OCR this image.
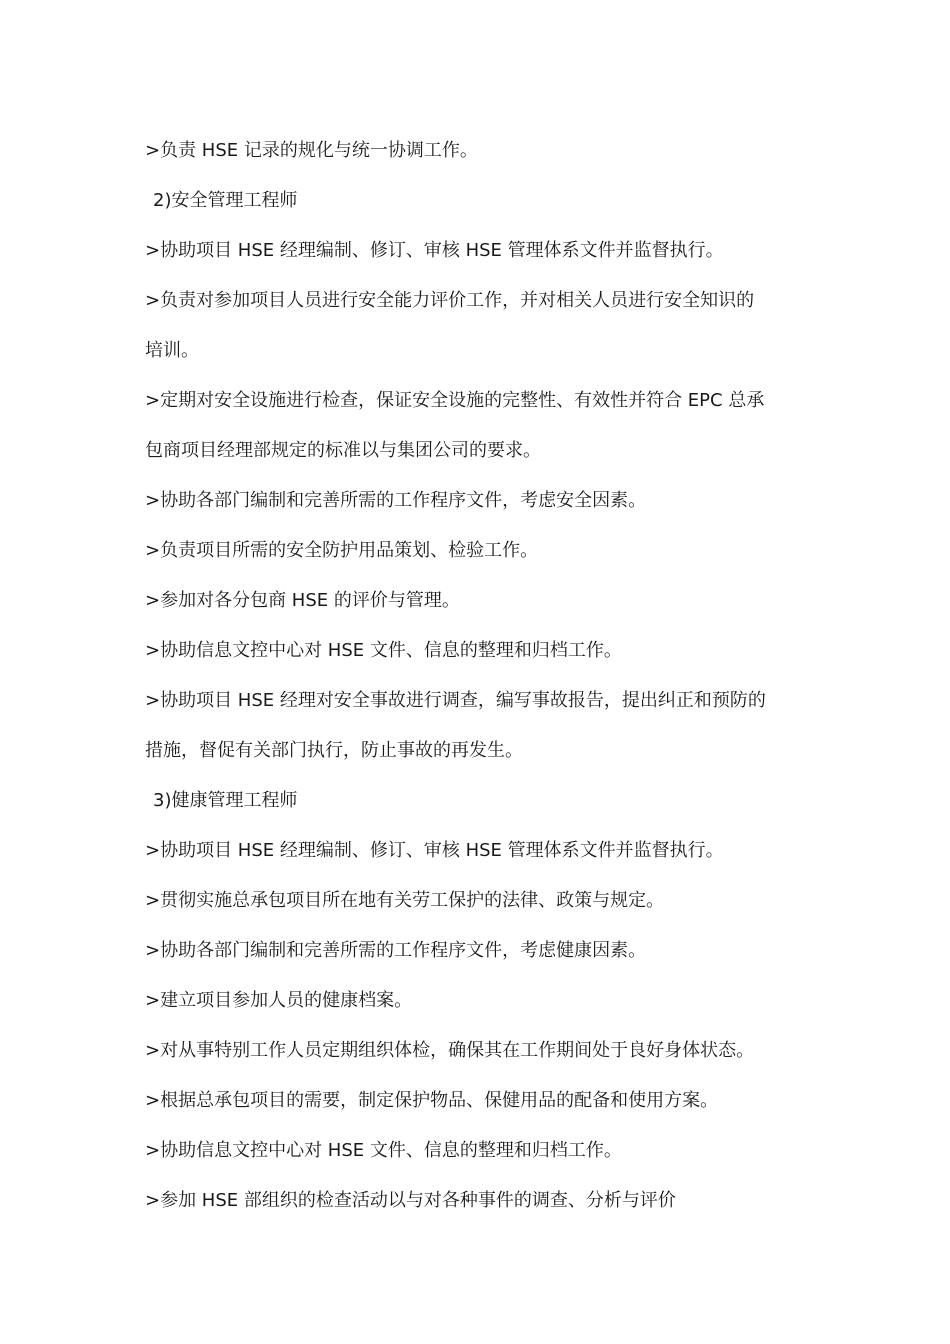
>负责 HSE 记录的规化与统一协调工作。
2)安全管理工程师
>协助项目 HSE 经理编制、修订、审核 HSE 管理体系文件并监督执行。
>负责对参加项目人员进行安全能力评价工作，并对相关人员进行安全知识的
培训。
>定期对安全设施进行检查，保证安全设施的完整性、有效性并符合 EPC 总承
包商项目经理部规定的标准以与集团公司的要求。
>协助各部门编制和完善所需的工作程序文件，考虑安全因素。
>负责项目所需的安全防护用品策划、检验工作。
>参加对各分包商 HSE 的评价与管理。
>协助信息文控中心对 HSE 文件、信息的整理和归档工作。
>协助项目 HSE 经理对安全事故进行调查，编写事故报告，提出纠正和预防的
措施，督促有关部门执行，防止事故的再发生。
3)健康管理工程师
>协助项目 HSE 经理编制、修订、审核 HSE 管理体系文件并监督执行。
>贯彻实施总承包项目所在地有关劳工保护的法律、政策与规定。
>协助各部门编制和完善所需的工作程序文件，考虑健康因素。
>建立项目参加人员的健康档案。
>对从事特别工作人员定期组织体检，确保其在工作期间处于良好身体状态。
>根据总承包项目的需要，制定保护物品、保健用品的配备和使用方案。
>协助信息文控中心对 HSE 文件、信息的整理和归档工作。
>参加 HSE 部组织的检查活动以与对各种事件的调查、分析与评价
